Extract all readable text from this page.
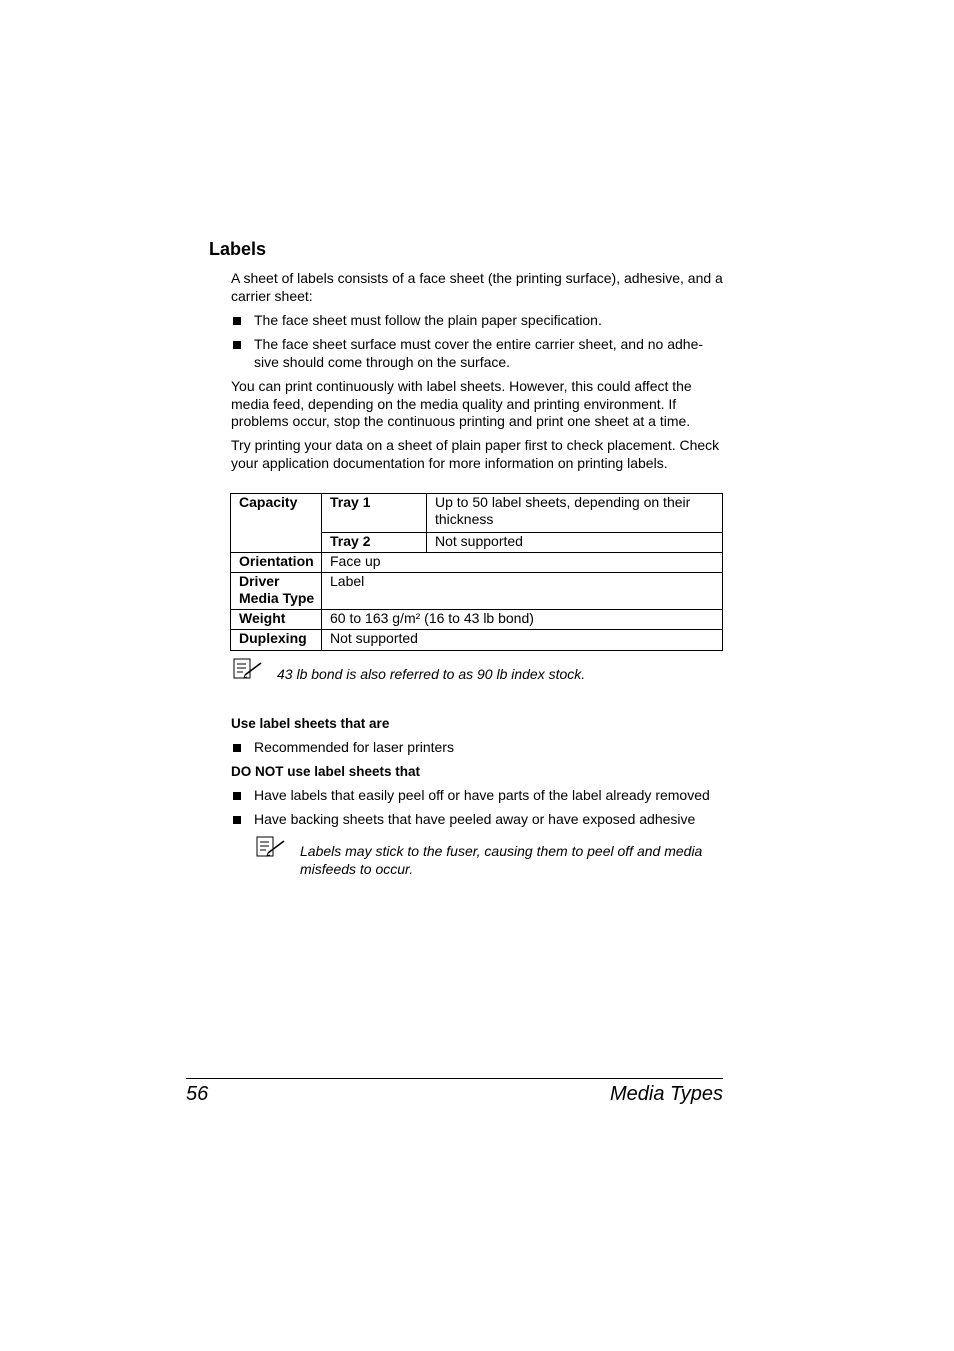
Labels
A sheet of labels consists of a face sheet (the printing surface), adhesive, and a carrier sheet:
The face sheet must follow the plain paper specification.
The face sheet surface must cover the entire carrier sheet, and no adhe-sive should come through on the surface.
You can print continuously with label sheets. However, this could affect the media feed, depending on the media quality and printing environment. If problems occur, stop the continuous printing and print one sheet at a time.
Try printing your data on a sheet of plain paper first to check placement. Check your application documentation for more information on printing labels.
Capacity	Tray 1	Up to 50 label sheets, depending on their thickness
	Tray 2	Not supported
Orientation	Face up	

Driver
Media Type	Label	
Weight	60 to 163 g/m² (16 to 43 lb bond)	
Duplexing	Not supported	
43 lb bond is also referred to as 90 lb index stock.
Use label sheets that are
Recommended for laser printers
DO NOT use label sheets that
Have labels that easily peel off or have parts of the label already removed
Have backing sheets that have peeled away or have exposed adhesive
Labels may stick to the fuser, causing them to peel off and media misfeeds to occur.
56	Media Types
